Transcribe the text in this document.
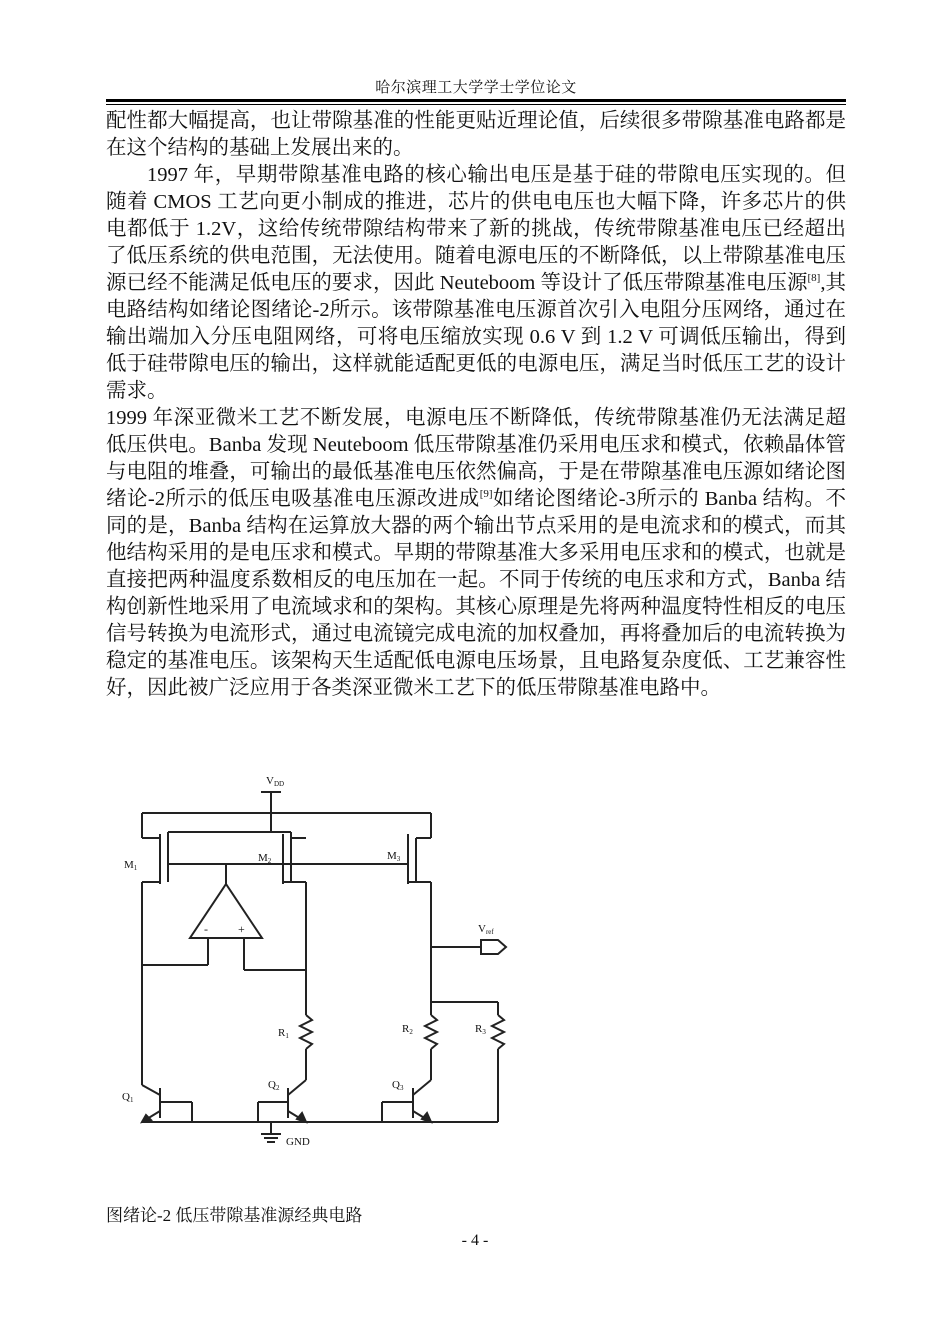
哈尔滨理工大学学士学位论文

配性都大幅提高，也让带隙基准的性能更贴近理论值，后续很多带隙基准电路都是在这个结构的基础上发展出来的。

1997 年，早期带隙基准电路的核心输出电压是基于硅的带隙电压实现的。但随着 CMOS 工艺向更小制成的推进，芯片的供电电压也大幅下降，许多芯片的供电都低于 1.2V，这给传统带隙结构带来了新的挑战，传统带隙基准电压已经超出了低压系统的供电范围，无法使用。随着电源电压的不断降低，以上带隙基准电压源已经不能满足低电压的要求，因此 Neuteboom 等设计了低压带隙基准电压源[8],其电路结构如绪论图绪论-2所示。该带隙基准电压源首次引入电阻分压网络，通过在输出端加入分压电阻网络，可将电压缩放实现 0.6 V 到 1.2 V 可调低压输出，得到低于硅带隙电压的输出，这样就能适配更低的电源电压，满足当时低压工艺的设计需求。

1999 年深亚微米工艺不断发展，电源电压不断降低，传统带隙基准仍无法满足超低压供电。Banba 发现 Neuteboom 低压带隙基准仍采用电压求和模式，依赖晶体管与电阻的堆叠，可输出的最低基准电压依然偏高，于是在带隙基准电压源如绪论图绪论-2所示的低压电吸基准电压源改进成[9]如绪论图绪论-3所示的 Banba 结构。不同的是，Banba 结构在运算放大器的两个输出节点采用的是电流求和的模式，而其他结构采用的是电压求和模式。早期的带隙基准大多采用电压求和的模式，也就是直接把两种温度系数相反的电压加在一起。不同于传统的电压求和方式，Banba 结构创新性地采用了电流域求和的架构。其核心原理是先将两种温度特性相反的电压信号转换为电流形式，通过电流镜完成电流的加权叠加，再将叠加后的电流转换为稳定的基准电压。该架构天生适配低电源电压场景，且电路复杂度低、工艺兼容性好，因此被广泛应用于各类深亚微米工艺下的低压带隙基准电路中。

VDD
M1
M2	M3
-	+
R1
Vref
R2	R3
Q1
Q2	Q3
GND
图绪论-2 低压带隙基准源经典电路
- 4 -
